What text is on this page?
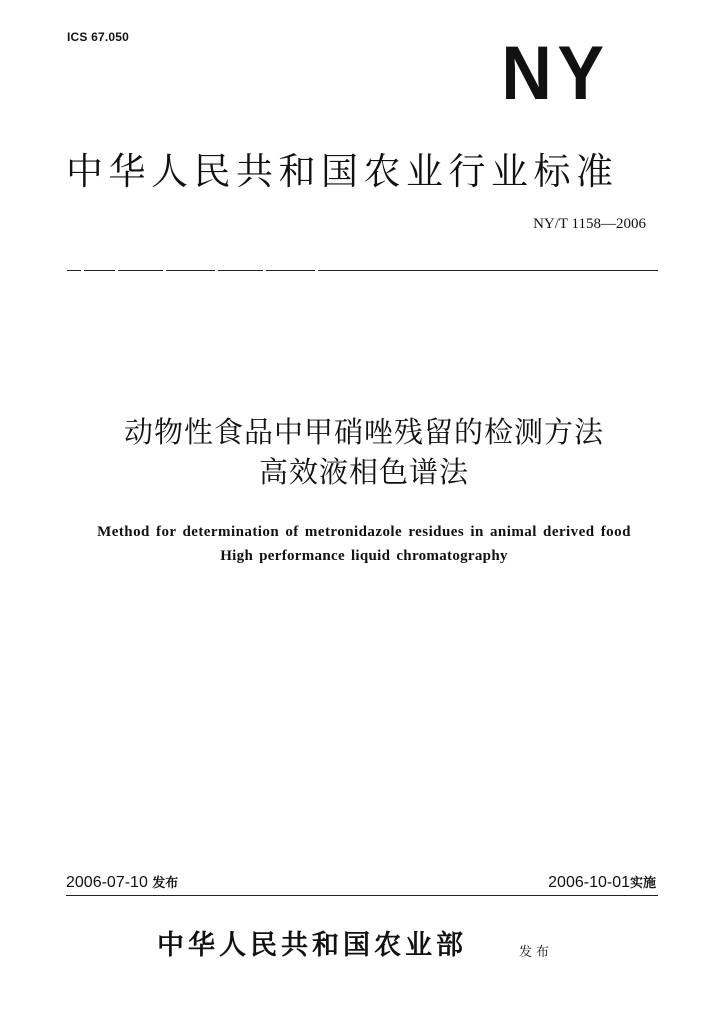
ICS 67.050	NY
中华人民共和国农业行业标准
NY/T 1158—2006
动物性食品中甲硝唑残留的检测方法
高效液相色谱法
Method for determination of metronidazole residues in animal derived food
High performance liquid chromatography
2006-07-10 发布	2006-10-01实施
中华人民共和国农业部	发布
